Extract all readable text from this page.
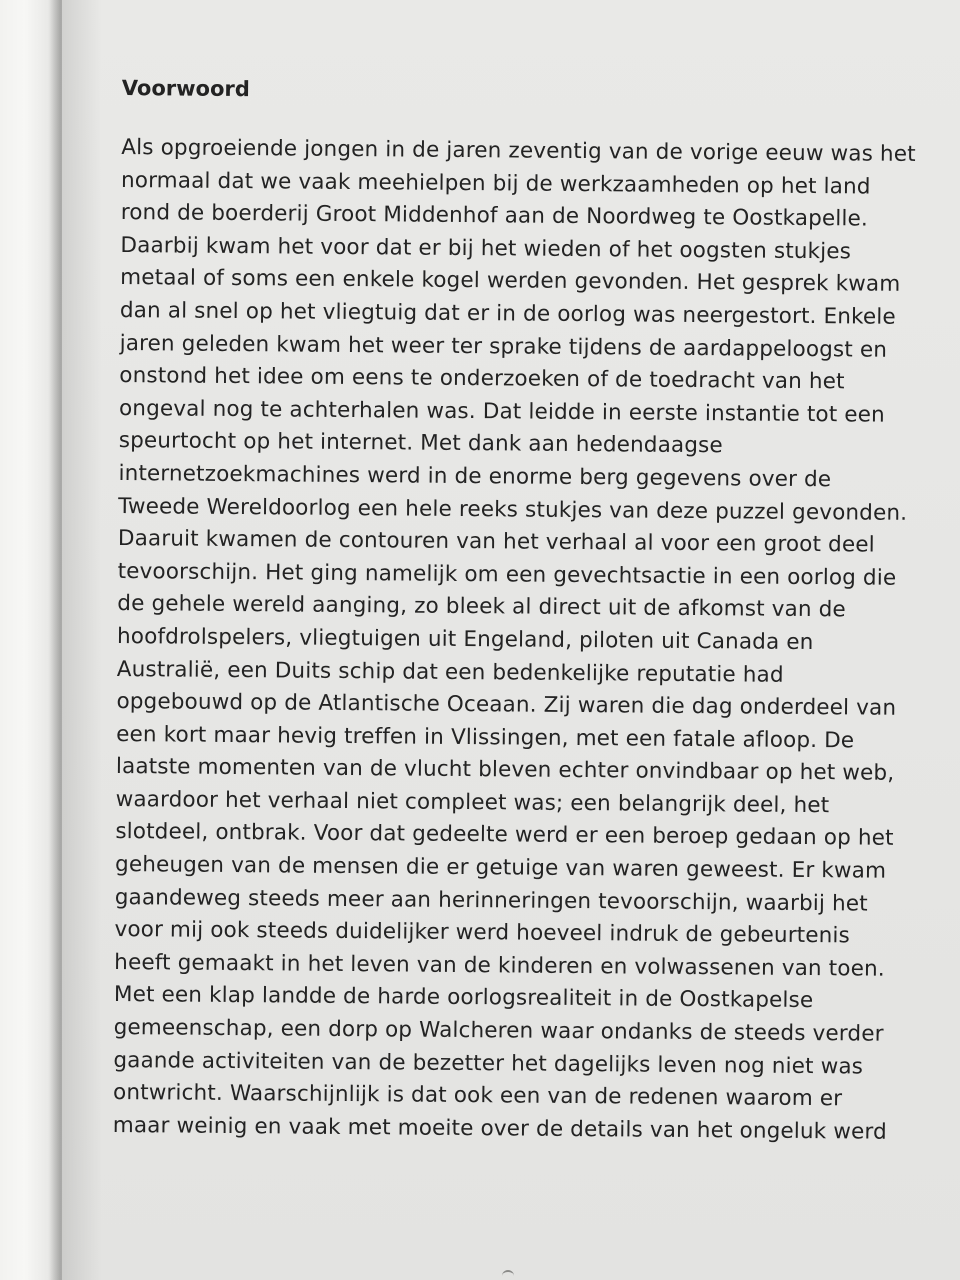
Voorwoord
Als opgroeiende jongen in de jaren zeventig van de vorige eeuw was het
normaal dat we vaak meehielpen bij de werkzaamheden op het land
rond de boerderij Groot Middenhof aan de Noordweg te Oostkapelle.
Daarbij kwam het voor dat er bij het wieden of het oogsten stukjes
metaal of soms een enkele kogel werden gevonden. Het gesprek kwam
dan al snel op het vliegtuig dat er in de oorlog was neergestort. Enkele
jaren geleden kwam het weer ter sprake tijdens de aardappeloogst en
onstond het idee om eens te onderzoeken of de toedracht van het
ongeval nog te achterhalen was. Dat leidde in eerste instantie tot een
speurtocht op het internet. Met dank aan hedendaagse
internetzoekmachines werd in de enorme berg gegevens over de
Tweede Wereldoorlog een hele reeks stukjes van deze puzzel gevonden.
Daaruit kwamen de contouren van het verhaal al voor een groot deel
tevoorschijn. Het ging namelijk om een gevechtsactie in een oorlog die
de gehele wereld aanging, zo bleek al direct uit de afkomst van de
hoofdrolspelers, vliegtuigen uit Engeland, piloten uit Canada en
Australië, een Duits schip dat een bedenkelijke reputatie had
opgebouwd op de Atlantische Oceaan. Zij waren die dag onderdeel van
een kort maar hevig treffen in Vlissingen, met een fatale afloop. De
laatste momenten van de vlucht bleven echter onvindbaar op het web,
waardoor het verhaal niet compleet was; een belangrijk deel, het
slotdeel, ontbrak. Voor dat gedeelte werd er een beroep gedaan op het
geheugen van de mensen die er getuige van waren geweest. Er kwam
gaandeweg steeds meer aan herinneringen tevoorschijn, waarbij het
voor mij ook steeds duidelijker werd hoeveel indruk de gebeurtenis
heeft gemaakt in het leven van de kinderen en volwassenen van toen.
Met een klap landde de harde oorlogsrealiteit in de Oostkapelse
gemeenschap, een dorp op Walcheren waar ondanks de steeds verder
gaande activiteiten van de bezetter het dagelijks leven nog niet was
ontwricht. Waarschijnlijk is dat ook een van de redenen waarom er
maar weinig en vaak met moeite over de details van het ongeluk werd
